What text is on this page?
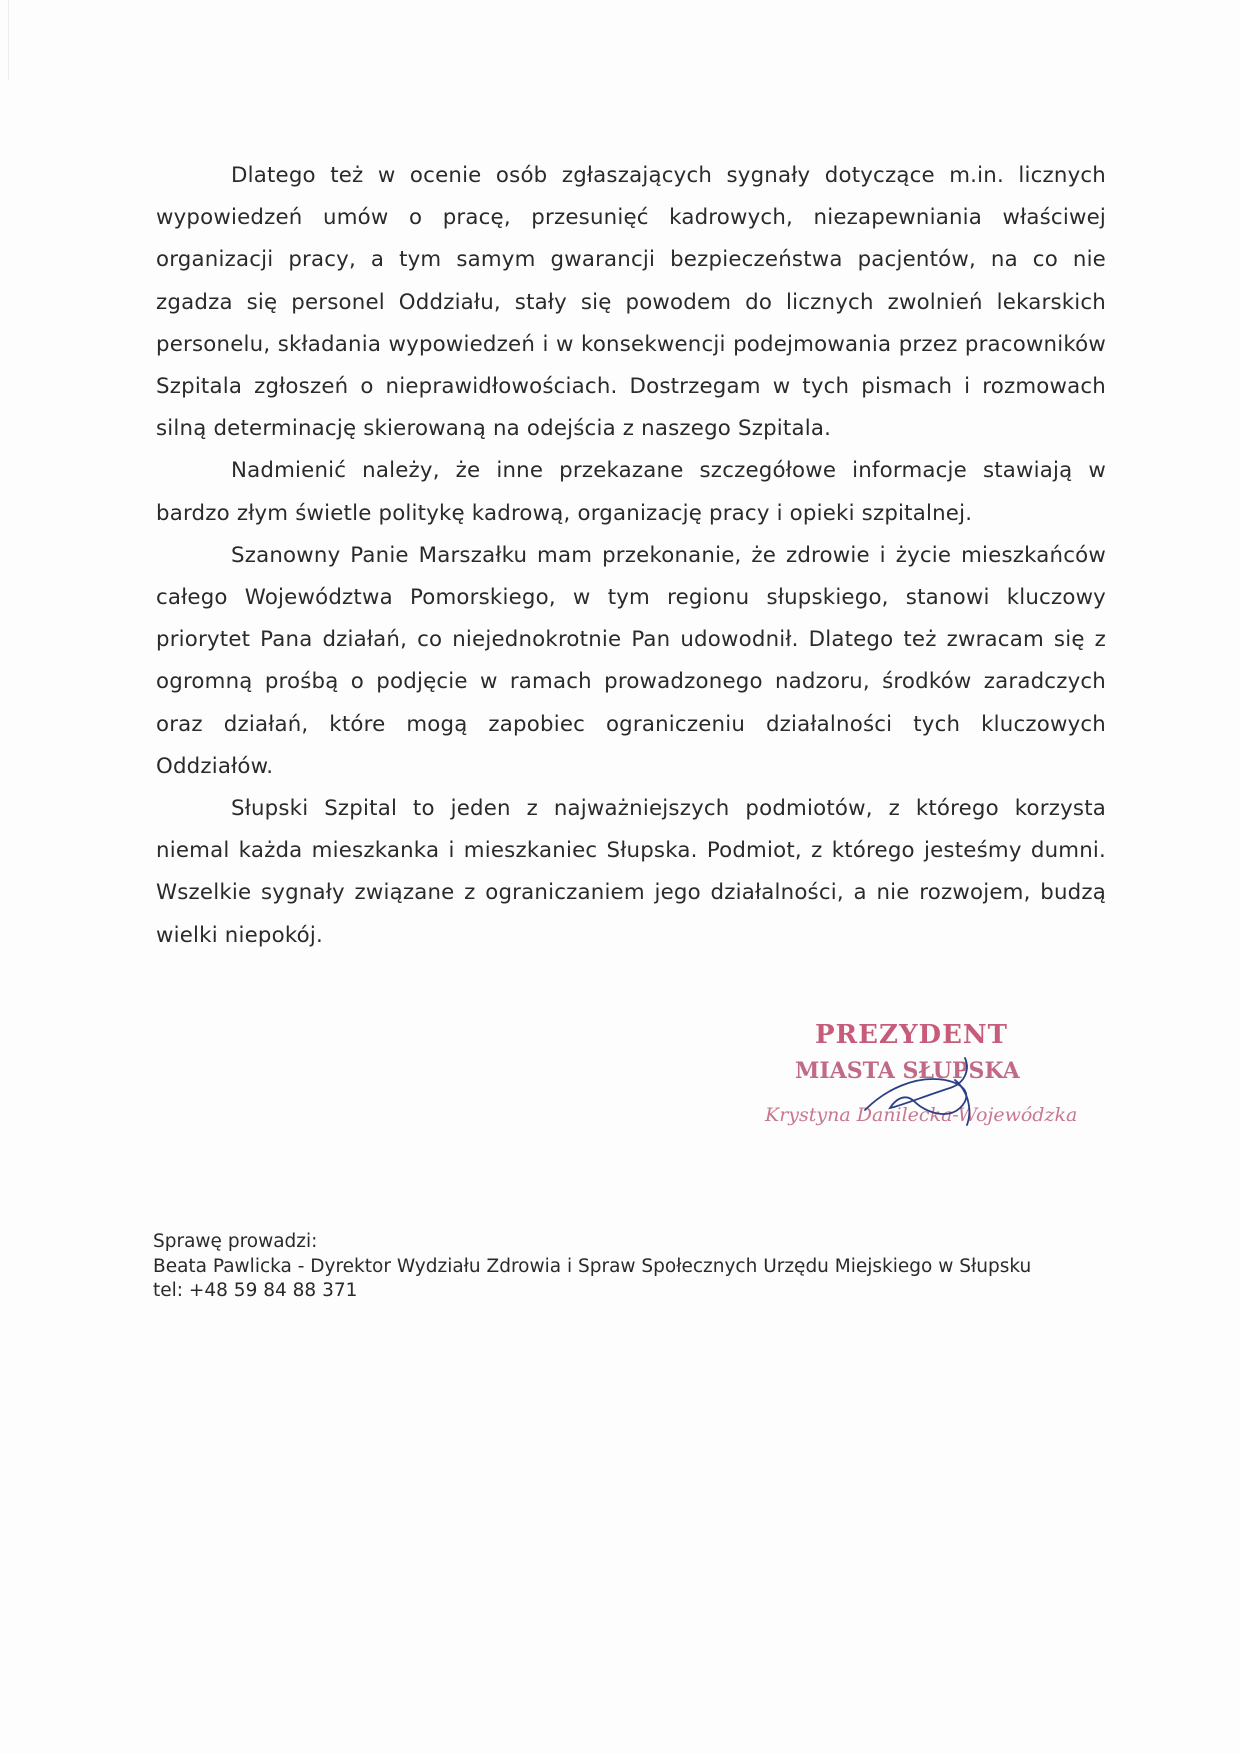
Dlatego też w ocenie osób zgłaszających sygnały dotyczące m.in. licznych wypowiedzeń umów o pracę, przesunięć kadrowych, niezapewniania właściwej organizacji pracy, a tym samym gwarancji bezpieczeństwa pacjentów, na co nie zgadza się personel Oddziału, stały się powodem do licznych zwolnień lekarskich personelu, składania wypowiedzeń i w konsekwencji podejmowania przez pracowników Szpitala zgłoszeń o nieprawidłowościach. Dostrzegam w tych pismach i rozmowach silną determinację skierowaną na odejścia z naszego Szpitala.

Nadmienić należy, że inne przekazane szczegółowe informacje stawiają w bardzo złym świetle politykę kadrową, organizację pracy i opieki szpitalnej.

Szanowny Panie Marszałku mam przekonanie, że zdrowie i życie mieszkańców całego Województwa Pomorskiego, w tym regionu słupskiego, stanowi kluczowy priorytet Pana działań, co niejednokrotnie Pan udowodnił. Dlatego też zwracam się z ogromną prośbą o podjęcie w ramach prowadzonego nadzoru, środków zaradczych oraz działań, które mogą zapobiec ograniczeniu działalności tych kluczowych Oddziałów.

Słupski Szpital to jeden z najważniejszych podmiotów, z którego korzysta niemal każda mieszkanka i mieszkaniec Słupska. Podmiot, z którego jesteśmy dumni. Wszelkie sygnały związane z ograniczaniem jego działalności, a nie rozwojem, budzą wielki niepokój.

PREZYDENT
MIASTA SŁUPSKA
Krystyna Danilecka-Wojewódzka
Sprawę prowadzi:
Beata Pawlicka - Dyrektor Wydziału Zdrowia i Spraw Społecznych Urzędu Miejskiego w Słupsku
tel: +48 59 84 88 371
